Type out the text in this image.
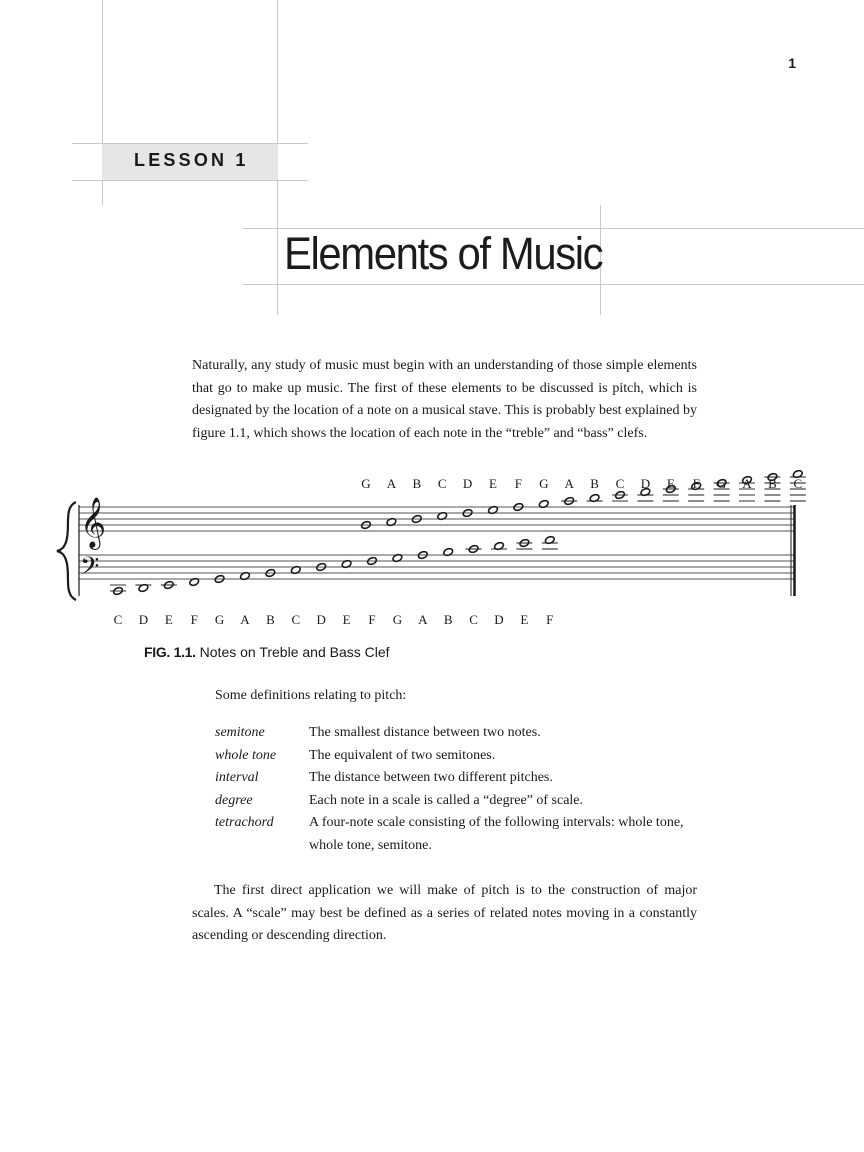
1
LESSON 1
Elements of Music

Naturally, any study of music must begin with an understanding of those simple elements that go to make up music. The first of these elements to be discussed is pitch, which is designated by the location of a note on a musical stave. This is probably best explained by figure 1.1, which shows the location of each note in the “treble” and “bass” clefs.

𝄞
𝄢
G A B C D E F G A B C D E F G A B C
C D E F G A B C D E F G A B C D E F
FIG. 1.1. Notes on Treble and Bass Clef

Some definitions relating to pitch:

semitone	The smallest distance between two notes.
whole tone	The equivalent of two semitones.
interval	The distance between two different pitches.
degree	Each note in a scale is called a “degree” of scale.
tetrachord	A four-note scale consisting of the following intervals: whole tone, whole tone, semitone.

The first direct application we will make of pitch is to the construction of major scales. A “scale” may best be defined as a series of related notes moving in a constantly ascending or descending direction.
